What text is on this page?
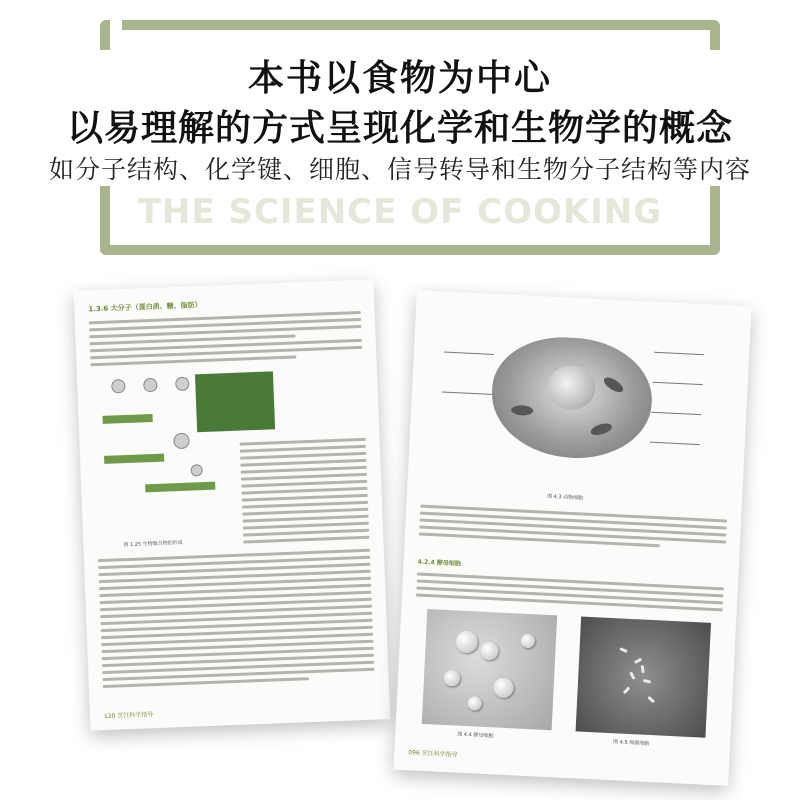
本书以食物为中心
以易理解的方式呈现化学和生物学的概念
如分子结构、化学键、细胞、信号转导和生物分子结构等内容
THE SCIENCE OF COOKING
1.3.6 大分子（蛋白质、糖、脂肪）
图 1.25 生物聚合物的形成
120 烹饪科学指导
图 4.3 动物细胞
4.2.4 酵母细胞
图 4.4 酵母细胞
图 4.5 细菌细胞
096 烹饪科学指导
